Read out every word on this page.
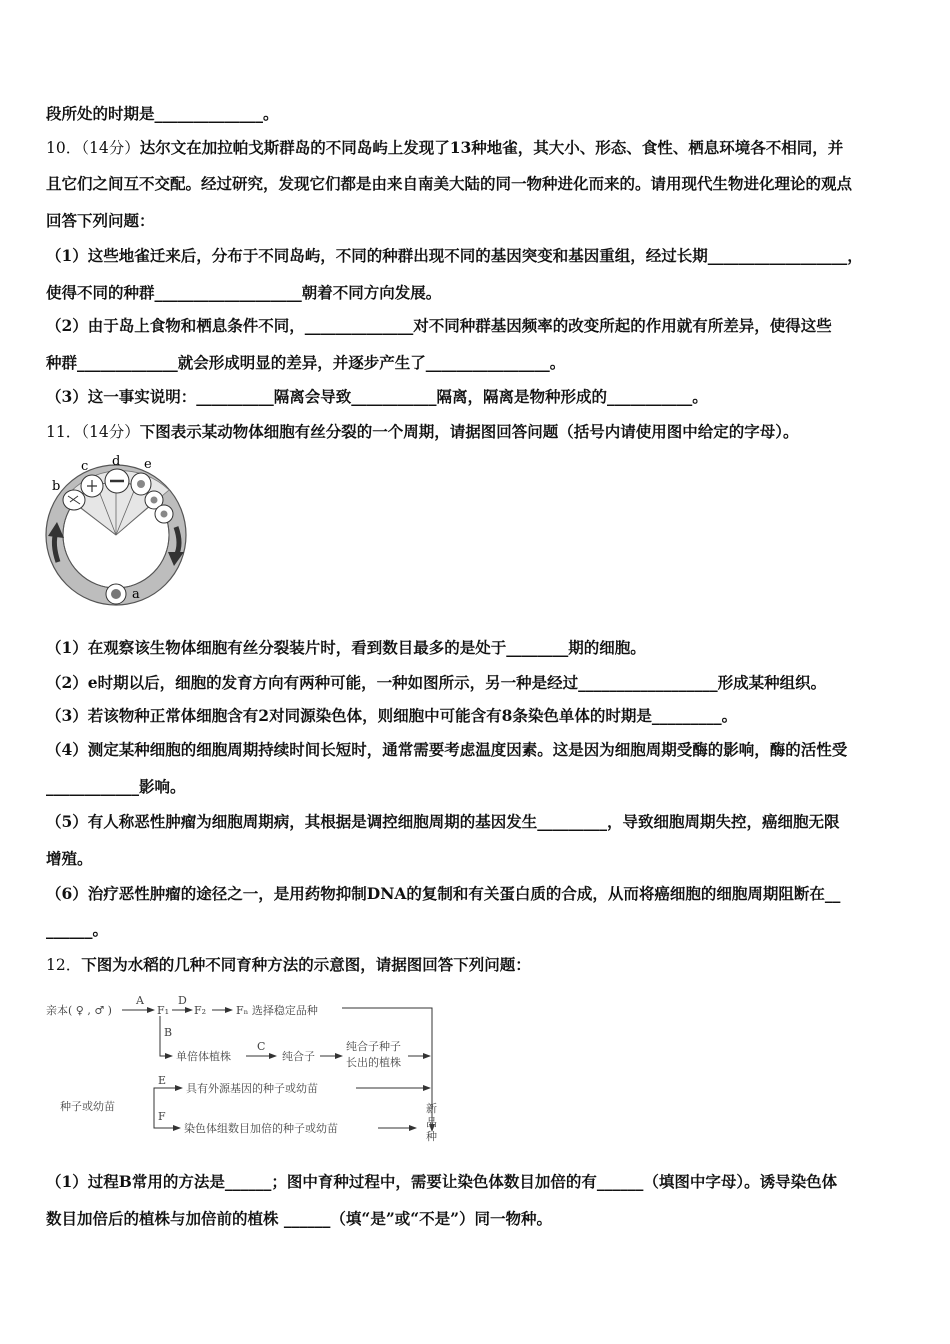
段所处的时期是______________。
10．（14分）达尔文在加拉帕戈斯群岛的不同岛屿上发现了13种地雀，其大小、形态、食性、栖息环境各不相同，并
且它们之间互不交配。经过研究，发现它们都是由来自南美大陆的同一物种进化而来的。请用现代生物进化理论的观点
回答下列问题：
（1）这些地雀迁来后，分布于不同岛屿，不同的种群出现不同的基因突变和基因重组，经过长期__________________，
使得不同的种群___________________朝着不同方向发展。
（2）由于岛上食物和栖息条件不同，______________对不同种群基因频率的改变所起的作用就有所差异，使得这些
种群_____________就会形成明显的差异，并逐步产生了________________。
（3）这一事实说明：__________隔离会导致___________隔离，隔离是物种形成的___________。
11．（14分）下图表示某动物体细胞有丝分裂的一个周期，请据图回答问题（括号内请使用图中给定的字母）。
b
c d e
a
（1）在观察该生物体细胞有丝分裂装片时，看到数目最多的是处于________期的细胞。
（2）e时期以后，细胞的发育方向有两种可能，一种如图所示，另一种是经过__________________形成某种组织。
（3）若该物种正常体细胞含有2对同源染色体，则细胞中可能含有8条染色单体的时期是_________。
（4）测定某种细胞的细胞周期持续时间长短时，通常需要考虑温度因素。这是因为细胞周期受酶的影响，酶的活性受
____________影响。
（5）有人称恶性肿瘤为细胞周期病，其根据是调控细胞周期的基因发生_________，导致细胞周期失控，癌细胞无限
增殖。
（6）治疗恶性肿瘤的途径之一，是用药物抑制DNA的复制和有关蛋白质的合成，从而将癌细胞的细胞周期阻断在__
______。
12．下图为水稻的几种不同育种方法的示意图，请据图回答下列问题：
亲本( ♀ , ♂ )
A
F₁
D
F₂	Fₙ 选择稳定品种
B
单倍体植株
C
纯合子
纯合子种子
长出的植株
种子或幼苗
E
具有外源基因的种子或幼苗
F
染色体组数目加倍的种子或幼苗
新
品
种
（1）过程B常用的方法是______；图中育种过程中，需要让染色体数目加倍的有______（填图中字母）。诱导染色体
数目加倍后的植株与加倍前的植株 ______（填“是”或“不是”）同一物种。
